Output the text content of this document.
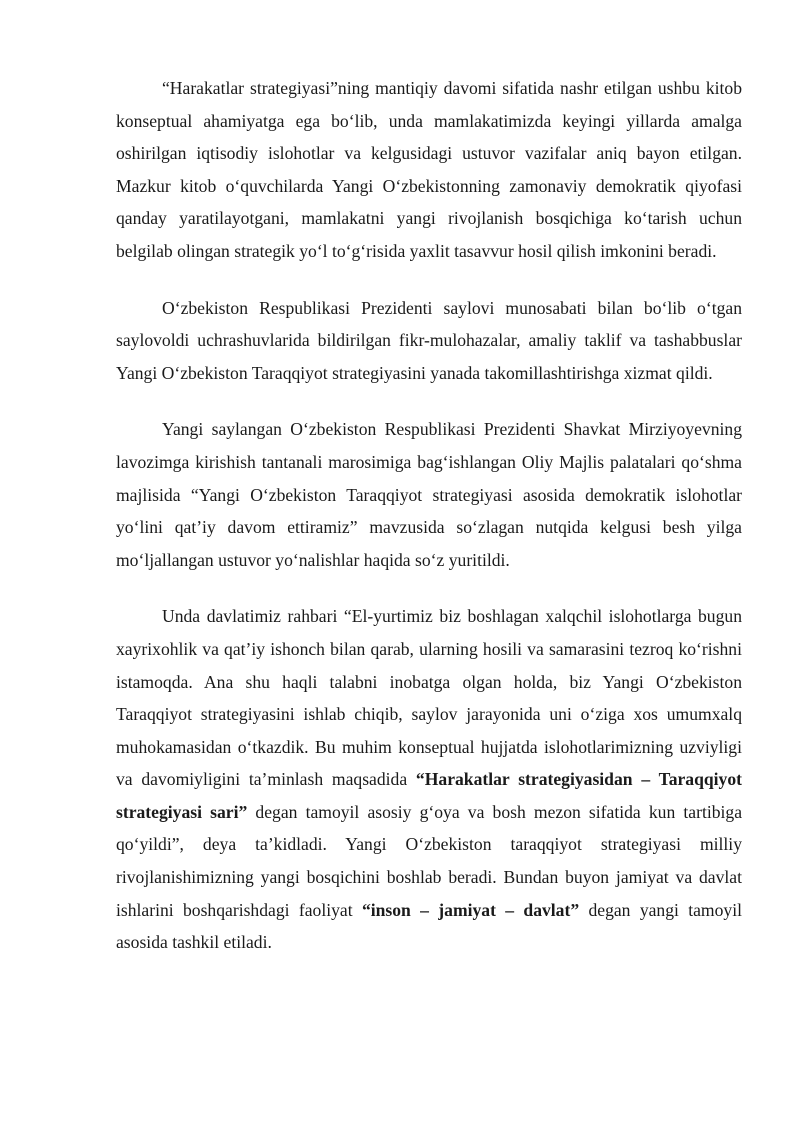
“Harakatlar strategiyasi”ning mantiqiy davomi sifatida nashr etilgan ushbu kitob konseptual ahamiyatga ega boʻlib, unda mamlakatimizda keyingi yillarda amalga oshirilgan iqtisodiy islohotlar va kelgusidagi ustuvor vazifalar aniq bayon etilgan. Mazkur kitob oʻquvchilarda Yangi Oʻzbekistonning zamonaviy demokratik qiyofasi qanday yaratilayotgani, mamlakatni yangi rivojlanish bosqichiga koʻtarish uchun belgilab olingan strategik yoʻl toʻgʻrisida yaxlit tasavvur hosil qilish imkonini beradi.

Oʻzbekiston Respublikasi Prezidenti saylovi munosabati bilan boʻlib oʻtgan saylovoldi uchrashuvlarida bildirilgan fikr-mulohazalar, amaliy taklif va tashabbuslar Yangi Oʻzbekiston Taraqqiyot strategiyasini yanada takomillashtirishga xizmat qildi.

Yangi saylangan Oʻzbekiston Respublikasi Prezidenti Shavkat Mirziyoyevning lavozimga kirishish tantanali marosimiga bagʻishlangan Oliy Majlis palatalari qoʻshma majlisida “Yangi Oʻzbekiston Taraqqiyot strategiyasi asosida demokratik islohotlar yoʻlini qat’iy davom ettiramiz” mavzusida soʻzlagan nutqida kelgusi besh yilga moʻljallangan ustuvor yoʻnalishlar haqida soʻz yuritildi.

Unda davlatimiz rahbari “El-yurtimiz biz boshlagan xalqchil islohotlarga bugun xayrixohlik va qat’iy ishonch bilan qarab, ularning hosili va samarasini tezroq koʻrishni istamoqda. Ana shu haqli talabni inobatga olgan holda, biz Yangi Oʻzbekiston Taraqqiyot strategiyasini ishlab chiqib, saylov jarayonida uni oʻziga xos umumxalq muhokamasidan oʻtkazdik. Bu muhim konseptual hujjatda islohotlarimizning uzviyligi va davomiyligini ta’minlash maqsadida “Harakatlar strategiyasidan – Taraqqiyot strategiyasi sari” degan tamoyil asosiy gʻoya va bosh mezon sifatida kun tartibiga qoʻyildi”, deya ta’kidladi. Yangi Oʻzbekiston taraqqiyot strategiyasi milliy rivojlanishimizning yangi bosqichini boshlab beradi. Bundan buyon jamiyat va davlat ishlarini boshqarishdagi faoliyat “inson – jamiyat – davlat” degan yangi tamoyil asosida tashkil etiladi.
